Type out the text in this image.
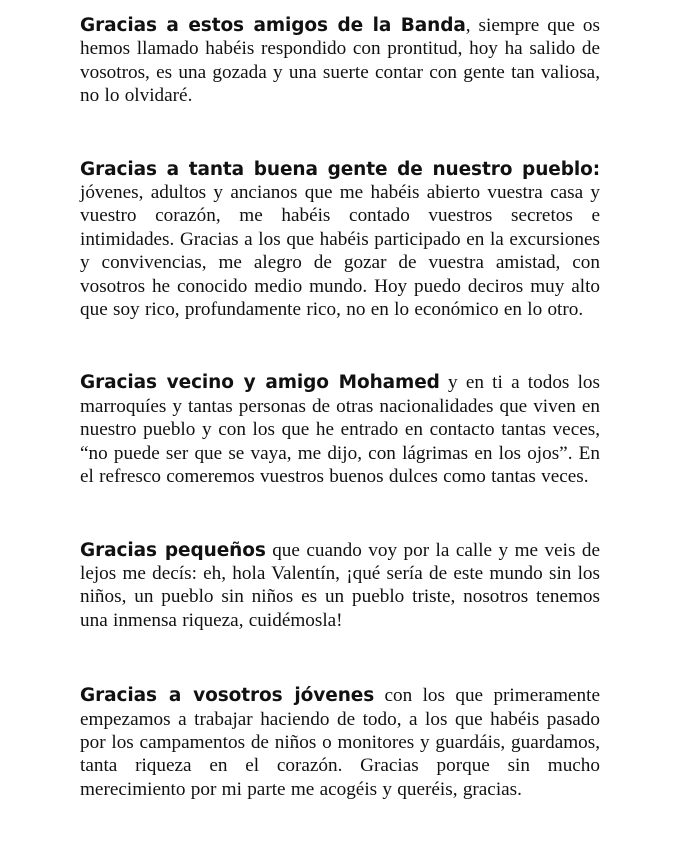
Gracias a estos amigos de la Banda, siempre que os hemos llamado habéis respondido con prontitud, hoy ha salido de vosotros, es una gozada y una suerte contar con gente tan valiosa, no lo olvidaré.

Gracias a tanta buena gente de nuestro pueblo: jóvenes, adultos y ancianos que me habéis abierto vuestra casa y vuestro corazón, me habéis contado vuestros secretos e intimidades. Gracias a los que habéis participado en la excursiones y convivencias, me alegro de gozar de vuestra amistad, con vosotros he conocido medio mundo. Hoy puedo deciros muy alto que soy rico, profundamente rico, no en lo económico en lo otro.

Gracias vecino y amigo Mohamed y en ti a todos los marroquíes y tantas personas de otras nacionalidades que viven en nuestro pueblo y con los que he entrado en contacto tantas veces, “no puede ser que se vaya, me dijo, con lágrimas en los ojos”. En el refresco comeremos vuestros buenos dulces como tantas veces.

Gracias pequeños que cuando voy por la calle y me veis de lejos me decís: eh, hola Valentín, ¡qué sería de este mundo sin los niños, un pueblo sin niños es un pueblo triste, nosotros tenemos una inmensa riqueza, cuidémosla!

Gracias a vosotros jóvenes con los que primeramente empezamos a trabajar haciendo de todo, a los que habéis pasado por los campamentos de niños o monitores y guardáis, guardamos, tanta riqueza en el corazón. Gracias porque sin mucho merecimiento por mi parte me acogéis y queréis, gracias.
